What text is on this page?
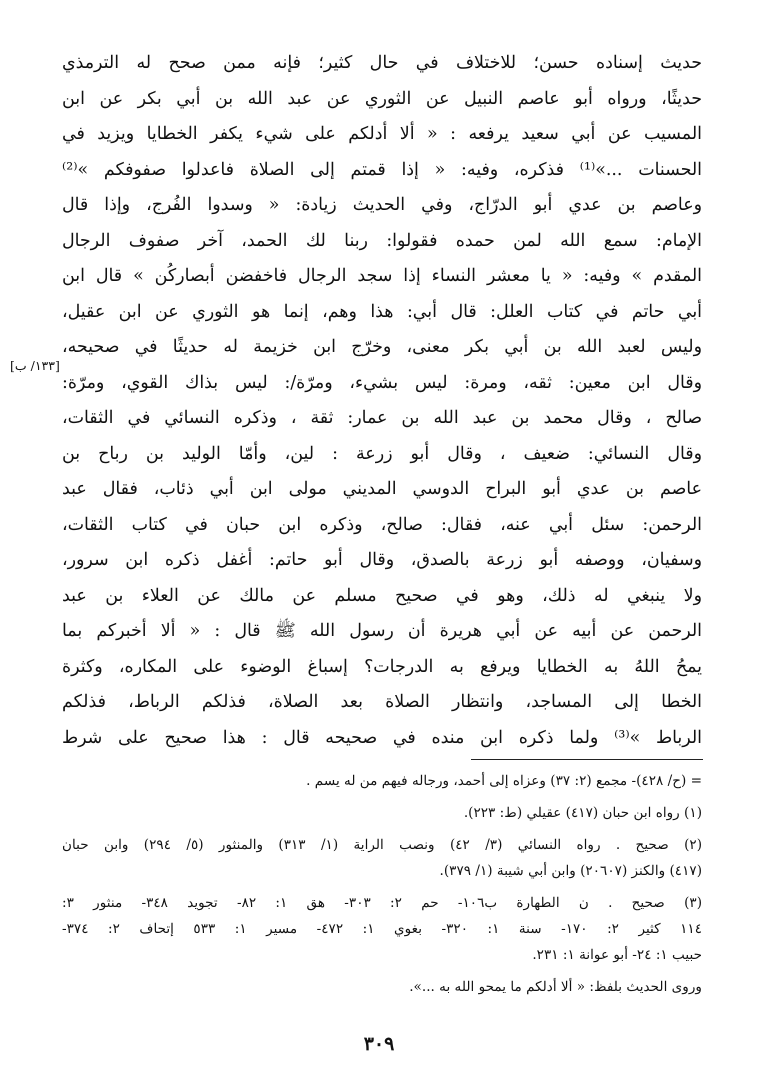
حديث إسناده حسن؛ للاختلاف في حال كثير؛ فإنه ممن صحح له الترمذي
حديثًا، ورواه أبو عاصم النبيل عن الثوري عن عبد الله بن أبي بكر عن ابن
المسيب عن أبي سعيد يرفعه : « ألا أدلكم على شيء يكفر الخطايا ويزيد في
الحسنات ...»⁽¹⁾ فذكره، وفيه: « إذا قمتم إلى الصلاة فاعدلوا صفوفكم »⁽²⁾
وعاصم بن عدي أبو الدرّاج، وفي الحديث زيادة: « وسدوا الفُرج، وإذا قال
الإمام: سمع الله لمن حمده فقولوا: ربنا لك الحمد، آخر صفوف الرجال
المقدم » وفيه: « يا معشر النساء إذا سجد الرجال فاخفضن أبصاركُن » قال ابن
أبي حاتم في كتاب العلل: قال أبي: هذا وهم، إنما هو الثوري عن ابن عقيل،
وليس لعبد الله بن أبي بكر معنى، وخرّج ابن خزيمة له حديثًا في صحيحه،
وقال ابن معين: ثقه، ومرة: ليس بشيء، ومرّة/: ليس بذاك القوي، ومرّة:
صالح ، وقال محمد بن عبد الله بن عمار: ثقة ، وذكره النسائي في الثقات،
وقال النسائي: ضعيف ، وقال أبو زرعة : لين، وأمّا الوليد بن رباح بن
عاصم بن عدي أبو البراح الدوسي المديني مولى ابن أبي ذئاب، فقال عبد
الرحمن: سئل أبي عنه، فقال: صالح، وذكره ابن حبان في كتاب الثقات،
وسفيان، ووصفه أبو زرعة بالصدق، وقال أبو حاتم: أغفل ذكره ابن سرور،
ولا ينبغي له ذلك، وهو في صحيح مسلم عن مالك عن العلاء بن عبد
الرحمن عن أبيه عن أبي هريرة أن رسول الله ﷺ قال : « ألا أخبركم بما
يمحُ اللهُ به الخطايا ويرفع به الدرجات؟ إسباغ الوضوء على المكاره، وكثرة
الخطا إلى المساجد، وانتظار الصلاة بعد الصلاة، فذلكم الرباط، فذلكم
الرباط »⁽³⁾ ولما ذكره ابن منده في صحيحه قال : هذا صحيح على شرط
[١٣٣/ ب]
= (ح/ ٤٢٨)- مجمع (٢: ٣٧) وعزاه إلى أحمد، ورجاله فيهم من له يسم .
(١) رواه ابن حبان (٤١٧) عقيلي (ط: ٢٢٣).
(٢) صحيح . رواه النسائي (٣/ ٤٢) ونصب الراية (١/ ٣١٣) والمنثور (٥/ ٢٩٤) وابن حبان
(٤١٧) والكنز (٢٠٦٠٧) وابن أبي شيبة (١/ ٣٧٩).
(٣) صحيح . ن الطهارة ب١٠٦- حم ٢: ٣٠٣- هق ١: ٨٢- تجويد ٣٤٨- منثور ٣:
١١٤ كثير ٢: ١٧٠- سنة ١: ٣٢٠- بغوي ١: ٤٧٢- مسير ١: ٥٣٣ إتحاف ٢: ٣٧٤-
حبيب ١: ٢٤- أبو عوانة ١: ٢٣١.
وروى الحديث بلفظ: « ألا أدلكم ما يمحو الله به ...».
٣٠٩
